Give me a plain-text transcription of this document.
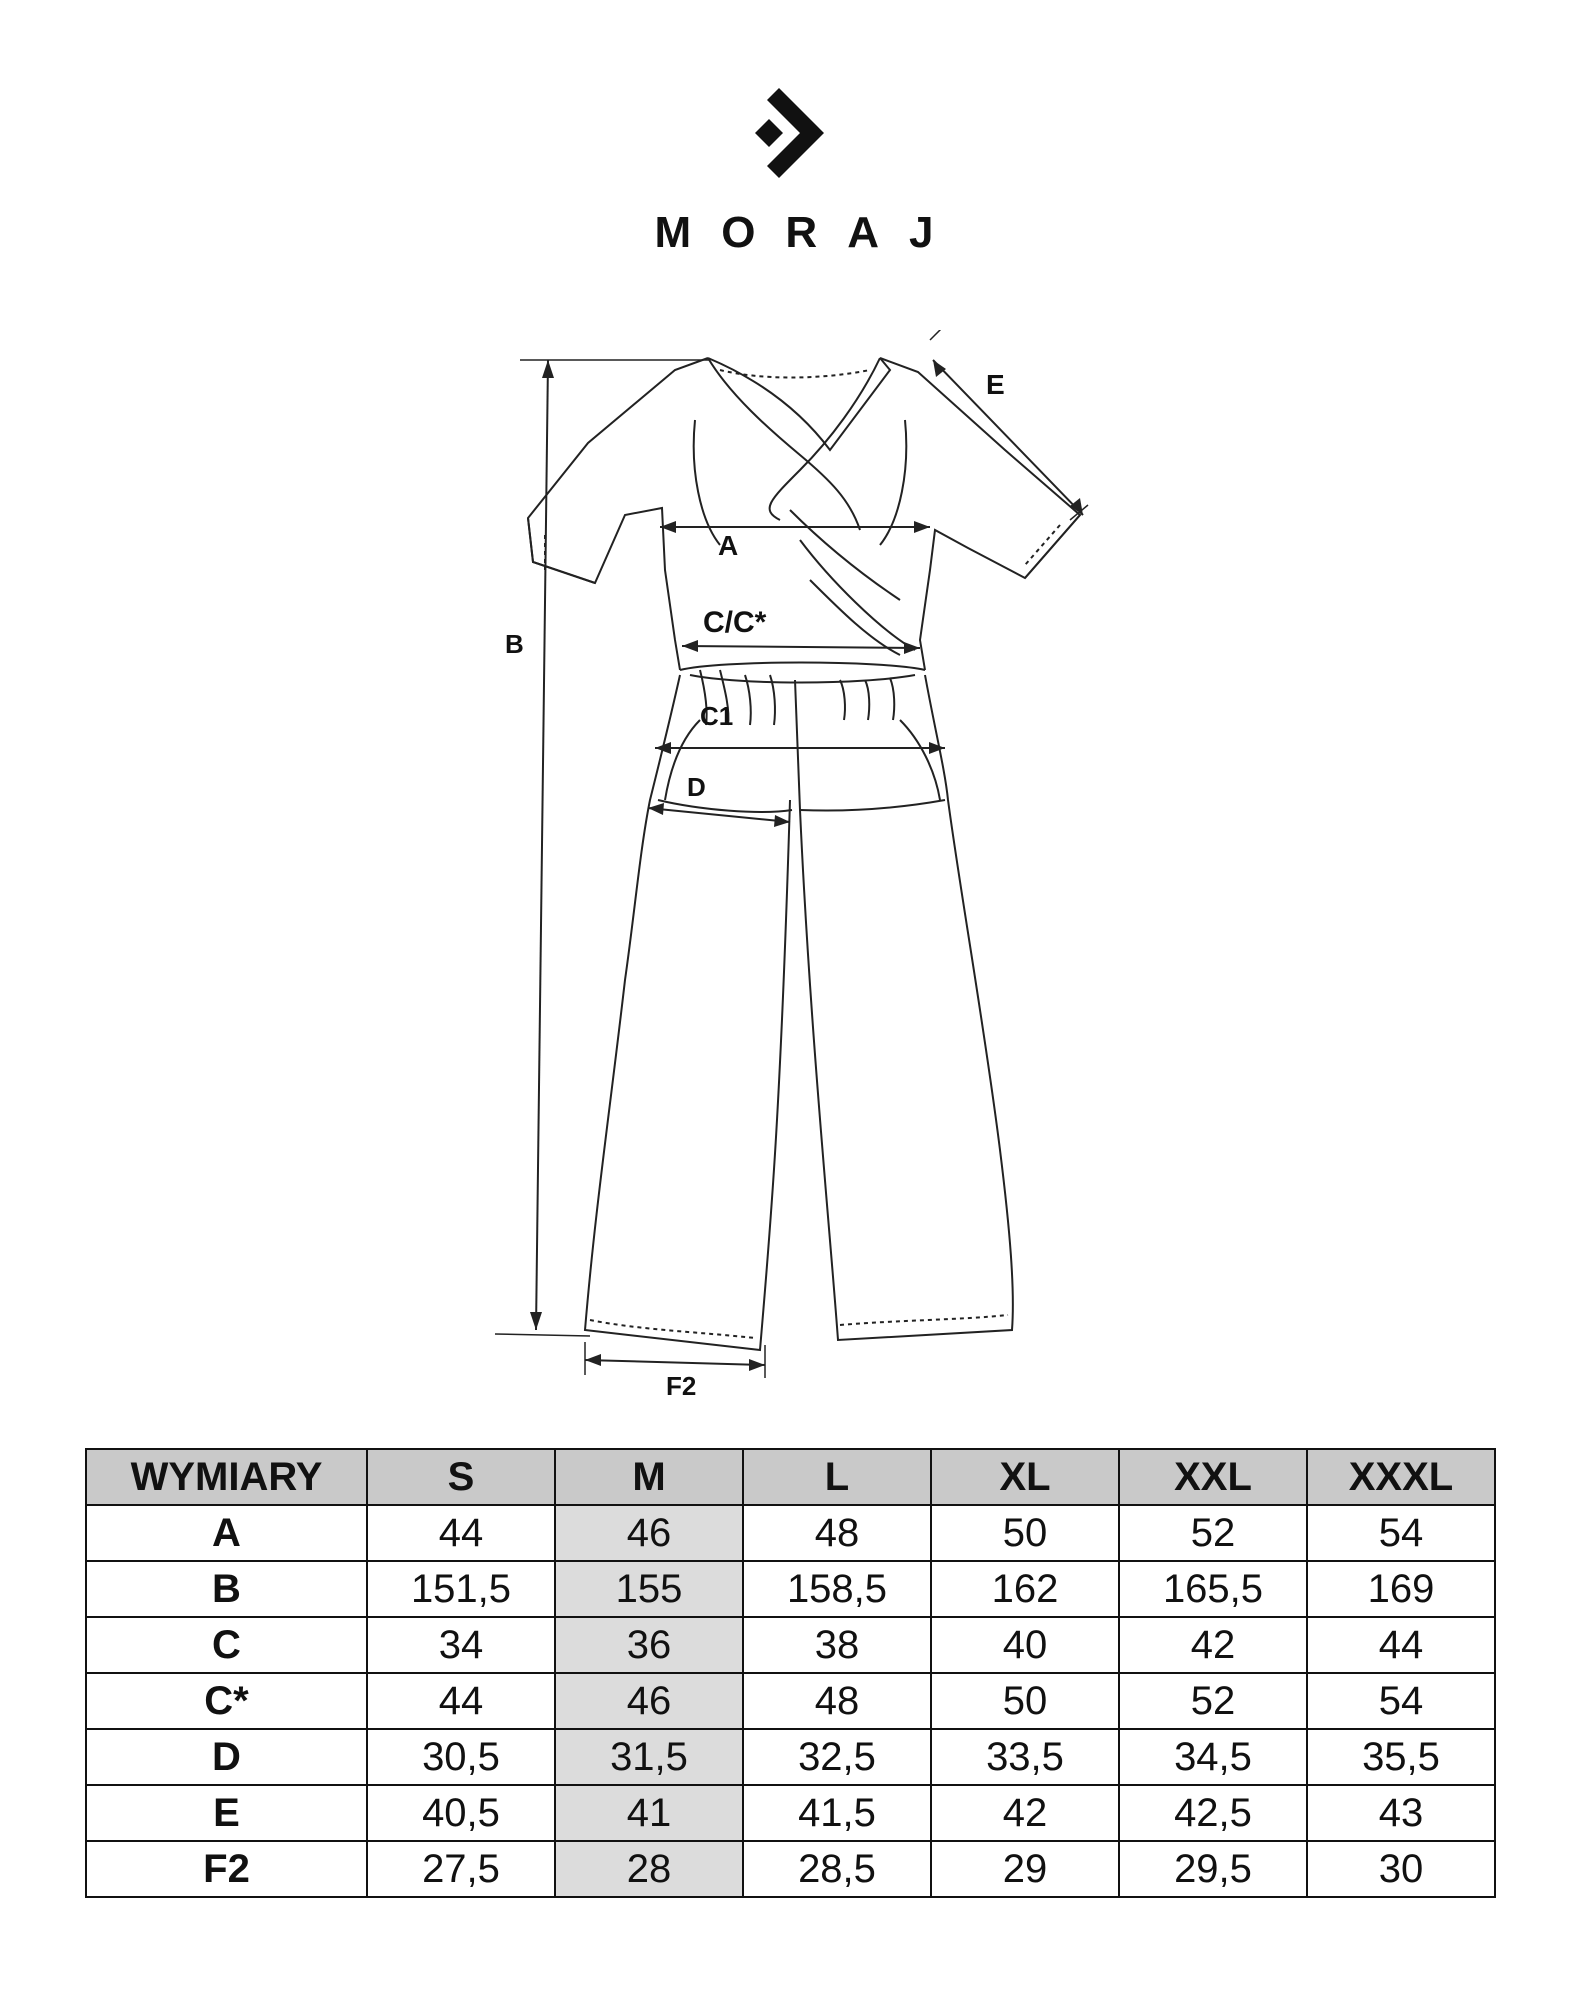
MORAJ
A
B
C/C*
C1
D
E
F2
WYMIARY	S	M	L	XL	XXL	XXXL
A	44	46	48	50	52	54
B	151,5	155	158,5	162	165,5	169
C	34	36	38	40	42	44
C*	44	46	48	50	52	54
D	30,5	31,5	32,5	33,5	34,5	35,5
E	40,5	41	41,5	42	42,5	43
F2	27,5	28	28,5	29	29,5	30
